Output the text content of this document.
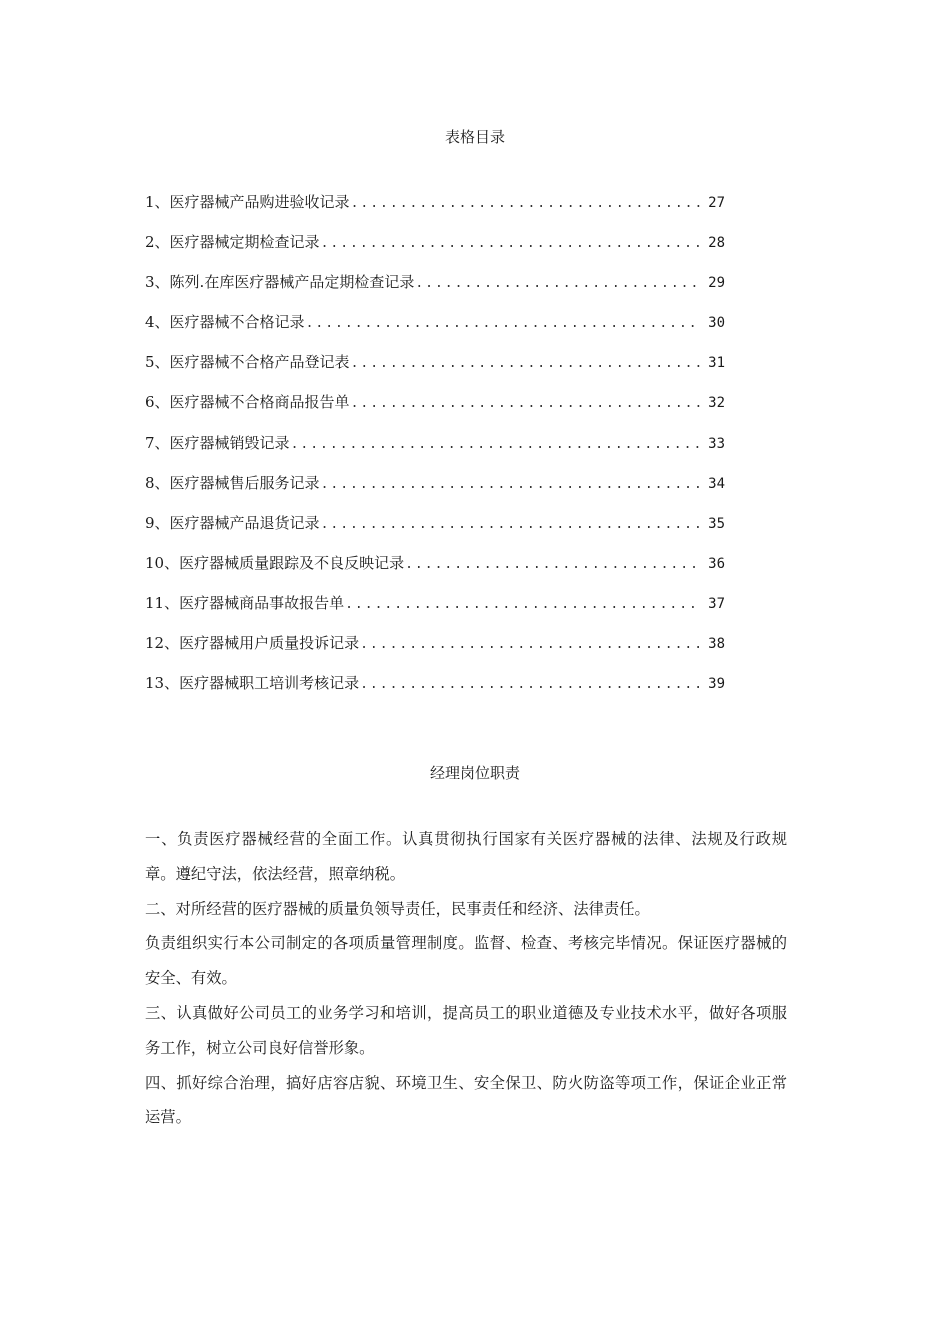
表格目录
1、 医疗器械产品购进验收记录 .....	27
2、 医疗器械定期检查记录 .....	28
3、 陈列.在库医疗器械产品定期检查记录 .....	29
4、 医疗器械不合格记录 .....	30
5、 医疗器械不合格产品登记表 .....	31
6、 医疗器械不合格商品报告单 .....	32
7、 医疗器械销毁记录 .....	33
8、 医疗器械售后服务记录 .....	34
9、 医疗器械产品退货记录 .....	35
10、 医疗器械质量跟踪及不良反映记录 .....	36
11、 医疗器械商品事故报告单 .....	37
12、 医疗器械用户质量投诉记录 .....	38
13、 医疗器械职工培训考核记录 .....	39
经理岗位职责

一、负责医疗器械经营的全面工作。认真贯彻执行国家有关医疗器械的法律、法规及行政规章。遵纪守法，依法经营，照章纳税。

二、对所经营的医疗器械的质量负领导责任，民事责任和经济、法律责任。

负责组织实行本公司制定的各项质量管理制度。监督、检查、考核完毕情况。保证医疗器械的安全、有效。

三、认真做好公司员工的业务学习和培训，提高员工的职业道德及专业技术水平，做好各项服务工作，树立公司良好信誉形象。

四、抓好综合治理，搞好店容店貌、环境卫生、安全保卫、防火防盗等项工作，保证企业正常运营。
